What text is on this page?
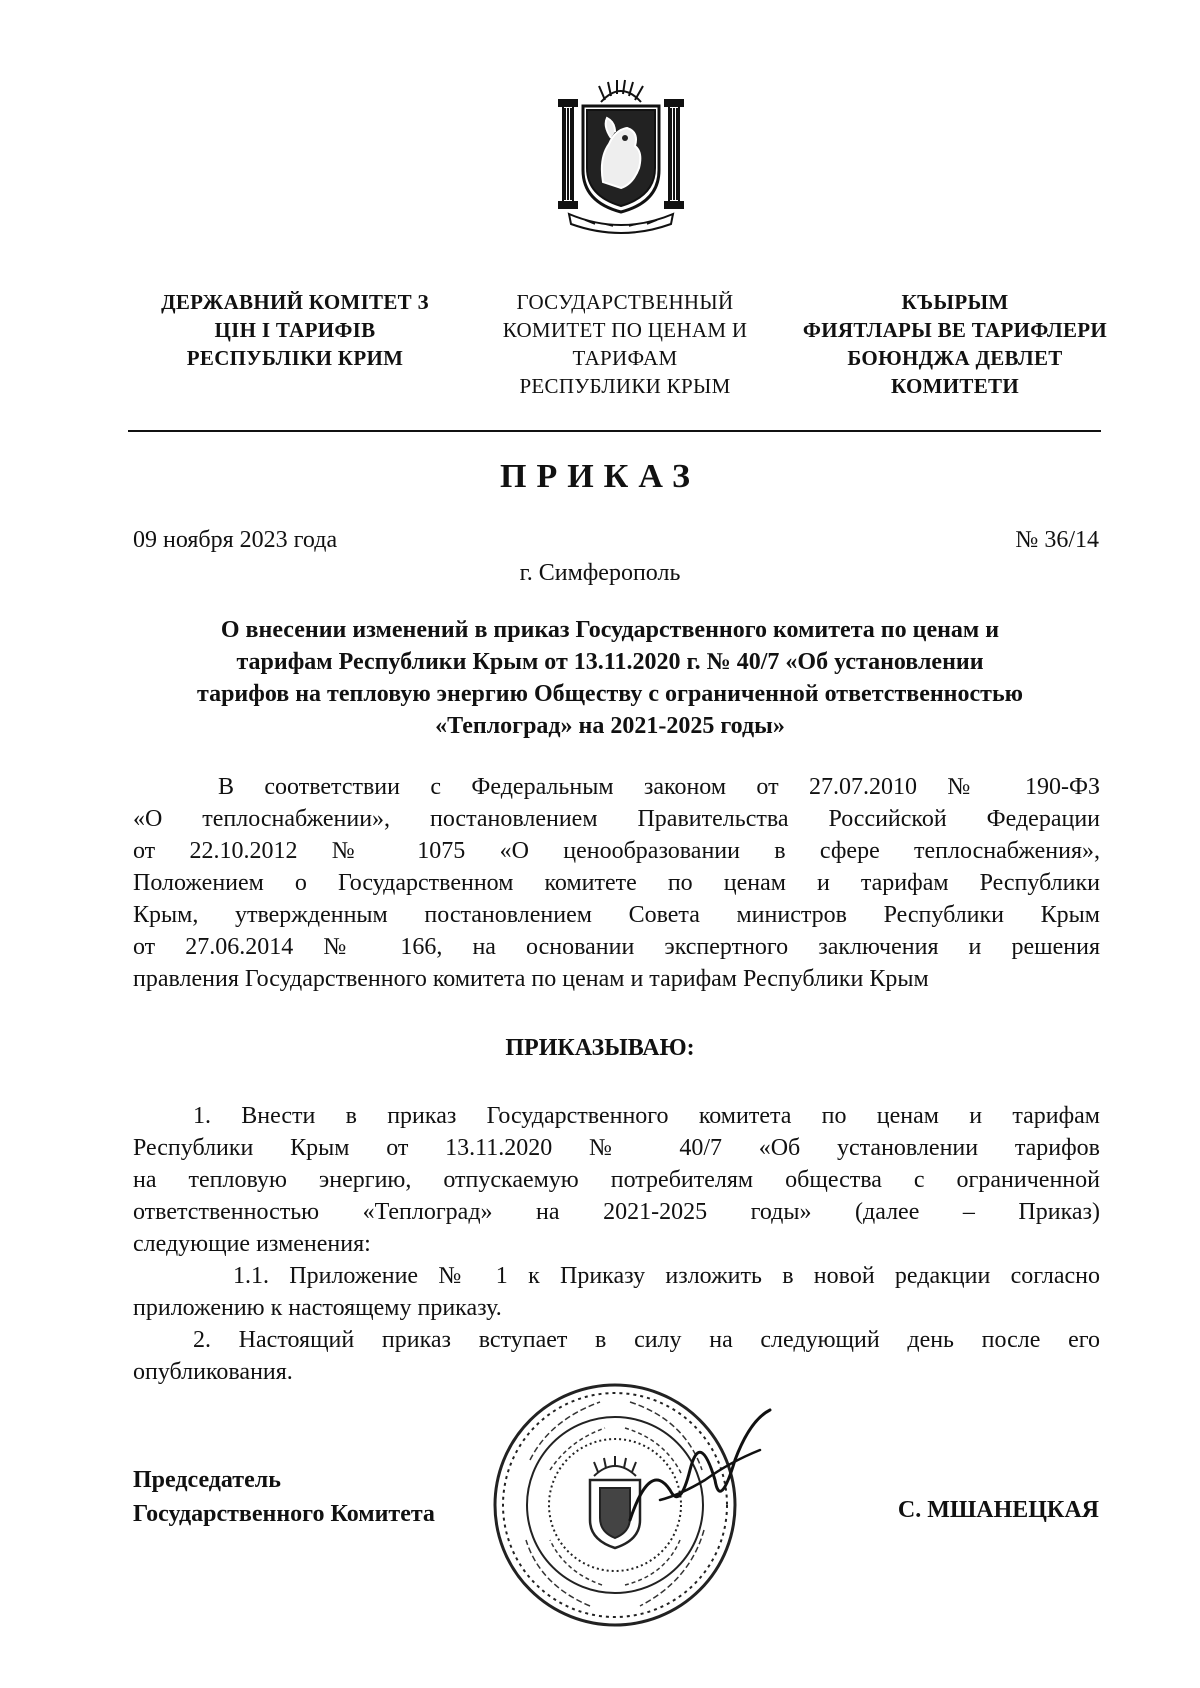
ДЕРЖАВНИЙ КОМІТЕТ З
ЦІН І ТАРИФІВ
РЕСПУБЛІКИ КРИМ
ГОСУДАРСТВЕННЫЙ
КОМИТЕТ ПО ЦЕНАМ И
ТАРИФАМ
РЕСПУБЛИКИ КРЫМ
КЪЫРЫМ
ФИЯТЛАРЫ ВЕ ТАРИФЛЕРИ
БОЮНДЖА ДЕВЛЕТ
КОМИТЕТИ
ПРИКАЗ
09 ноября 2023 года	№ 36/14
г. Симферополь
О внесении изменений в приказ Государственного комитета по ценам и
тарифам Республики Крым от 13.11.2020 г. № 40/7 «Об установлении
тарифов на тепловую энергию Обществу с ограниченной ответственностью
«Теплоград» на 2021-2025 годы»
В соответствии с Федеральным законом от 27.07.2010 № 190-ФЗ
«О теплоснабжении», постановлением Правительства Российской Федерации
от 22.10.2012 № 1075 «О ценообразовании в сфере теплоснабжения»,
Положением о Государственном комитете по ценам и тарифам Республики
Крым, утвержденным постановлением Совета министров Республики Крым
от 27.06.2014 № 166, на основании экспертного заключения и решения
правления Государственного комитета по ценам и тарифам Республики Крым
ПРИКАЗЫВАЮ:
1. Внести в приказ Государственного комитета по ценам и тарифам
Республики Крым от 13.11.2020 № 40/7 «Об установлении тарифов
на тепловую энергию, отпускаемую потребителям общества с ограниченной
ответственностью «Теплоград» на 2021-2025 годы» (далее – Приказ)
следующие изменения:
1.1. Приложение № 1 к Приказу изложить в новой редакции согласно
приложению к настоящему приказу.
2. Настоящий приказ вступает в силу на следующий день после его
опубликования.
Председатель
Государственного Комитета	С. МШАНЕЦКАЯ
